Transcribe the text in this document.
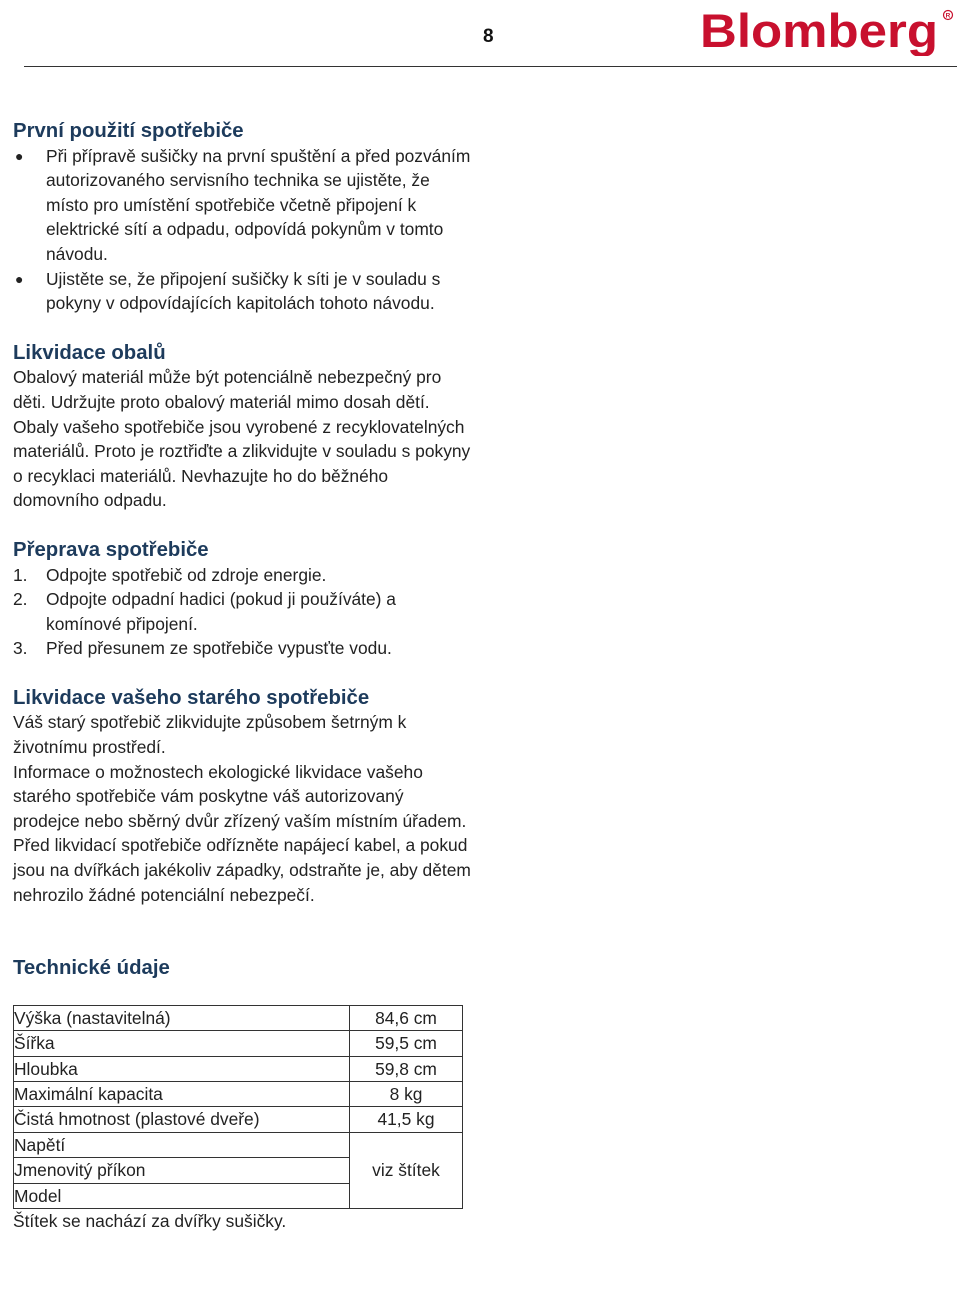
8	Blomberg R
První použití spotřebiče
● Při přípravě sušičky na první spuštění a před pozváním autorizovaného servisního technika se ujistěte, že místo pro umístění spotřebiče včetně připojení k elektrické sítí a odpadu, odpovídá pokynům v tomto návodu.
● Ujistěte se, že připojení sušičky k síti je v souladu s pokyny v odpovídajících kapitolách tohoto návodu.
Likvidace obalů

Obalový materiál může být potenciálně nebezpečný pro děti. Udržujte proto obalový materiál mimo dosah dětí. Obaly vašeho spotřebiče jsou vyrobené z recyklovatelných materiálů. Proto je roztřiďte a zlikvidujte v souladu s pokyny o recyklaci materiálů. Nevhazujte ho do běžného domovního odpadu.

Přeprava spotřebiče
1. Odpojte spotřebič od zdroje energie.
2. Odpojte odpadní hadici (pokud ji používáte) a komínové připojení.
3. Před přesunem ze spotřebiče vypusťte vodu.
Likvidace vašeho starého spotřebiče

Váš starý spotřebič zlikvidujte způsobem šetrným k životnímu prostředí.

Informace o možnostech ekologické likvidace vašeho starého spotřebiče vám poskytne váš autorizovaný prodejce nebo sběrný dvůr zřízený vaším místním úřadem.

Před likvidací spotřebiče odřízněte napájecí kabel, a pokud jsou na dvířkách jakékoliv západky, odstraňte je, aby dětem nehrozilo žádné potenciální nebezpečí.

Technické údaje
Výška (nastavitelná)	84,6 cm
Šířka	59,5 cm
Hloubka	59,8 cm
Maximální kapacita	8 kg
Čistá hmotnost (plastové dveře)	41,5 kg
Napětí	viz štítek
Jmenovitý příkon	
Model	

Štítek se nachází za dvířky sušičky.
